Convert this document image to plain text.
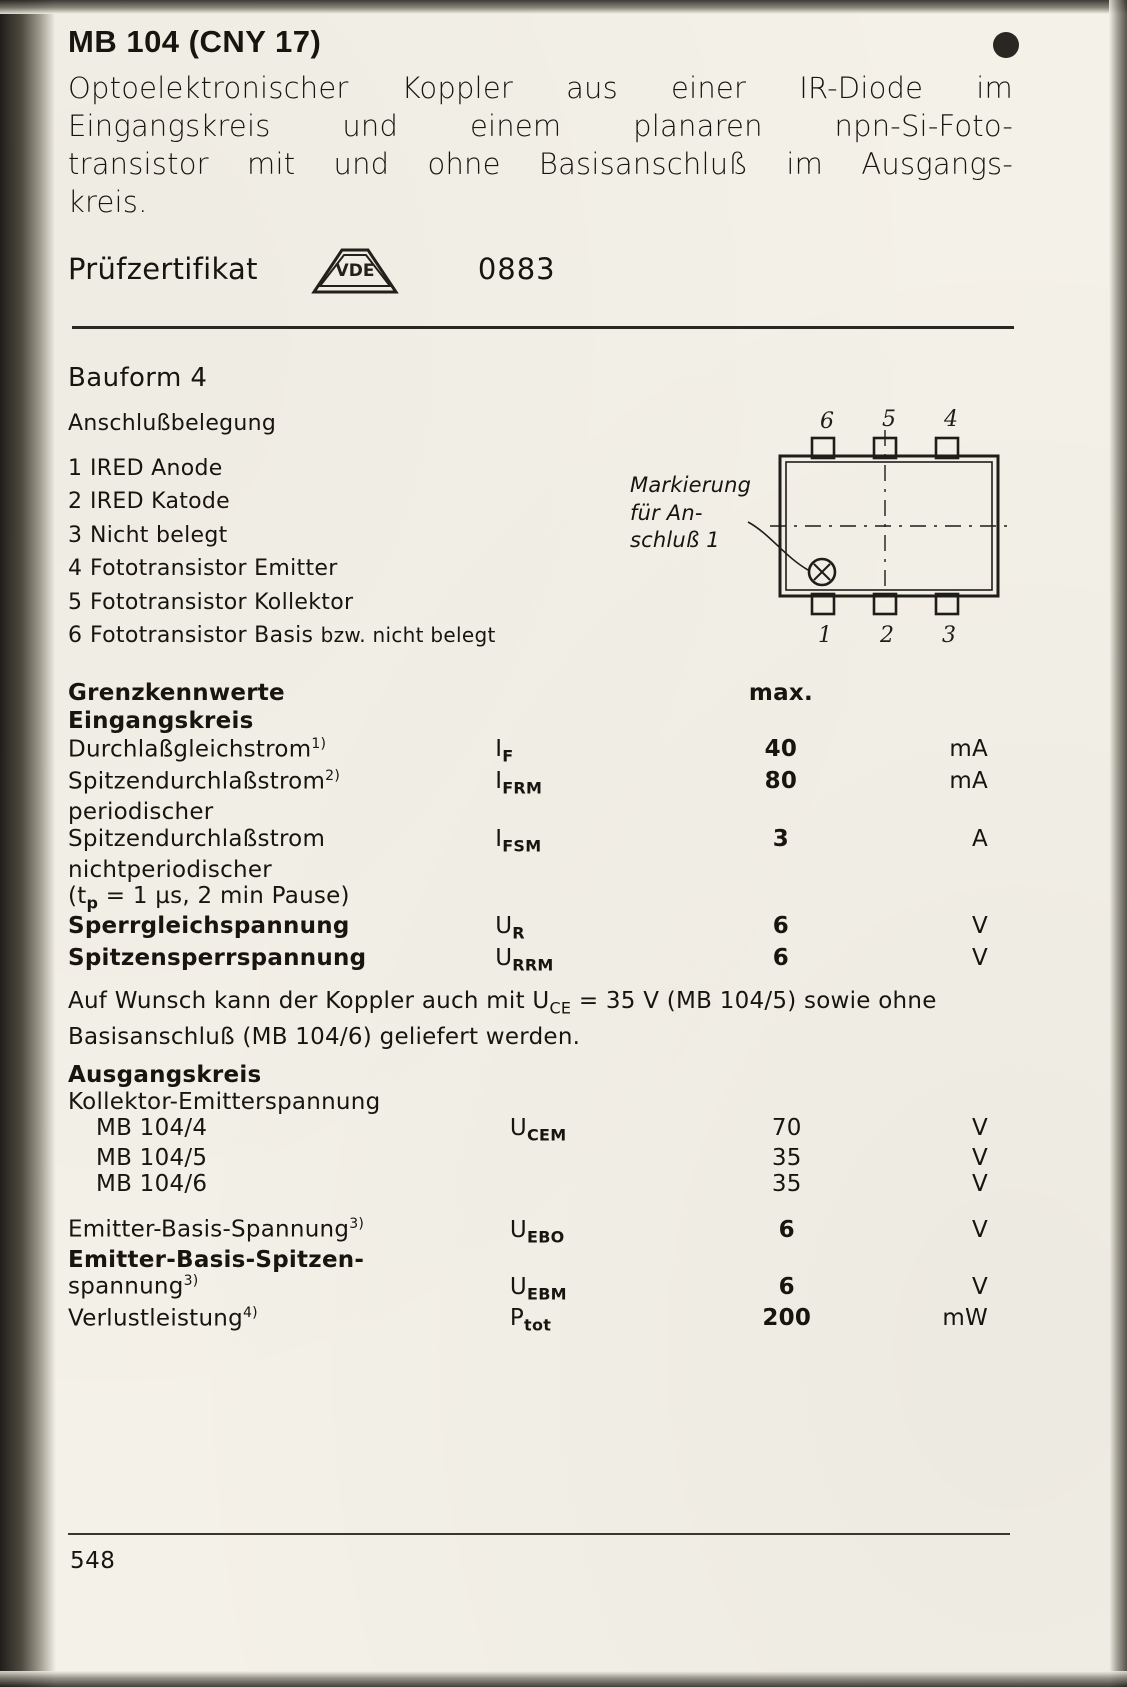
MB 104 (CNY 17)
Optoelektronischer Koppler aus einer IR-Diode im
Eingangskreis und einem planaren npn-Si-Foto-
transistor mit und ohne Basisanschluß im Ausgangs-
kreis.
Prüfzertifikat	VDE	0883
Bauform 4
Anschlußbelegung
1 IRED Anode
2 IRED Katode
3 Nicht belegt
4 Fototransistor Emitter
5 Fototransistor Kollektor
6 Fototransistor Basis bzw. nicht belegt
Grenzkennwerte		max.	
Eingangskreis			
Durchlaßgleichstrom$^{1)}$	$I_F$	40	mA
Spitzendurchlaßstrom$^{2)}$	$I_{FRM}$	80	mA
periodischer			
Spitzendurchlaßstrom	$I_{FSM}$	3	A
nichtperiodischer			
($t_p = 1$ µs, 2 min Pause)			
Sperrgleichspannung	$U_R$	6	V
Spitzensperrspannung	$U_{RRM}$	6	V
Auf Wunsch kann der Koppler auch mit $U_{CE} = 35$ V (MB 104/5) sowie ohne Basisanschluß (MB 104/6) geliefert werden.
Ausgangskreis			
Kollektor-Emitterspannung			
MB 104/4	$U_{CEM}$	70	V
MB 104/5		35	V
MB 104/6		35	V

Emitter-Basis-Spannung$^{3)}$	$U_{EBO}$	6	V
Emitter-Basis-Spitzen-			
spannung$^{3)}$	$U_{EBM}$	6	V
Verlustleistung$^{4)}$	$P_{tot}$	200	mW
Markierung
für An-
schluß 1
6 5 4
1 2 3
548
